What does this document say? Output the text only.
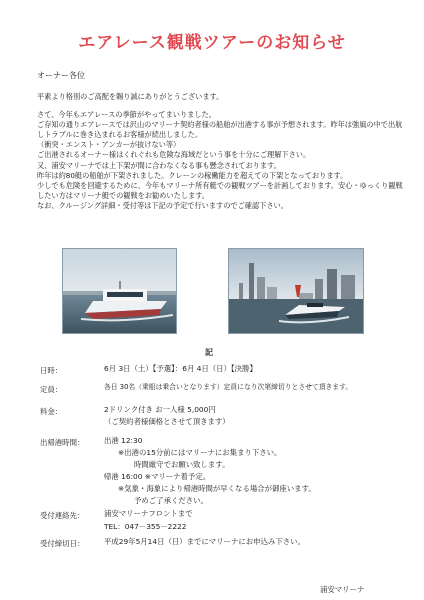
エアレース観戦ツアーのお知らせ
オーナー各位

平素より格別のご高配を賜り誠にありがとうございます。

さて、今年もエアレースの季節がやってまいりました。

ご存知の通りエアレースでは沢山のマリーナ契約者様の船舶が出港する事が予想されます。昨年は強風の中で出航しトラブルに巻き込まれるお客様が続出しました。

（衝突・エンスト・アンカーが抜けない等）

ご出港されるオーナー様はくれぐれも危険な海域だという事を十分にご理解下さい。

又、浦安マリーナでは上下架が間に合わなくなる事も懸念されております。

昨年は約80艇の船舶が下架されました。クレーンの稼働能力を超えての下架となっております。

少しでも危険を回避するために、今年もマリーナ所有艇での観戦ツアーを計画しております。安心・ゆっくり観戦したい方はマリーナ艇での観戦をお勧めいたします。

なお、クルージング詳細・受付等は下記の予定で行いますのでご確認下さい。

記
日時：	6月 3日（土）【予選】：6月 4日（日）【決勝】
定員：	各日 30名（乗船は乗合いとなります）定員になり次第締切りとさせて頂きます。
料金：	2ドリンク付き お一人様 5,000円
（ご契約者様価格とさせて頂きます）
出帰港時間：	出港 12:30
※出港の15分前にはマリーナにお集まり下さい。
時間厳守でお願い致します。
帰港 16:00 ※マリーナ着予定。
※気象・海象により帰港時間が早くなる場合が御座います。
予めご了承ください。
受付連絡先：	浦安マリーナフロントまで
TEL：047－355－2222
受付締切日：	平成29年5月14日（日）までにマリーナにお申込み下さい。
浦安マリーナ
